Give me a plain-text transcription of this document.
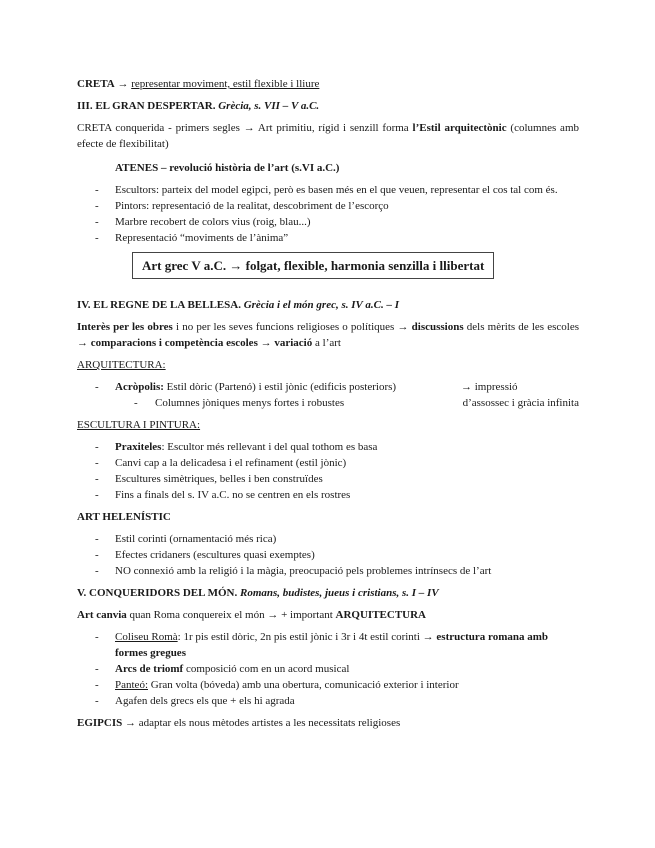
CRETA → representar moviment, estil flexible i lliure

III. EL GRAN DESPERTAR. Grècia, s. VII – V a.C.

CRETA conquerida - primers segles → Art primitiu, rígid i senzill forma l’Estil arquitectònic (columnes amb efecte de flexibilitat)

ATENES – revolució història de l’art (s.VI a.C.)

- Escultors: parteix del model egipci, però es basen més en el que veuen, representar el cos tal com és.
- Pintors: representació de la realitat, descobriment de l’escorço
- Marbre recobert de colors vius (roig, blau...)
- Representació “moviments de l’ànima”
Art grec V a.C. → folgat, flexible, harmonia senzilla i llibertat

IV. EL REGNE DE LA BELLESA. Grècia i el món grec, s. IV a.C. – I

Interès per les obres i no per les seves funcions religioses o polítiques → discussions dels mèrits de les escoles → comparacions i competència escoles → variació a l’art

ARQUITECTURA:

- Acròpolis: Estil dòric (Partenó) i estil jònic (edificis posteriors)	→ impressió
- Columnes jòniques menys fortes i robustes	d’assossec i gràcia infinita

ESCULTURA I PINTURA:

- Praxiteles: Escultor més rellevant i del qual tothom es basa
- Canvi cap a la delicadesa i el refinament (estil jònic)
- Escultures simètriques, belles i ben construïdes
- Fins a finals del s. IV a.C. no se centren en els rostres

ART HELENÍSTIC

- Estil corinti (ornamentació més rica)
- Efectes cridaners (escultures quasi exemptes)
- NO connexió amb la religió i la màgia, preocupació pels problemes intrínsecs de l’art

V. CONQUERIDORS DEL MÓN. Romans, budistes, jueus i cristians, s. I – IV

Art canvia quan Roma conquereix el món → + important ARQUITECTURA

- Coliseu Romà: 1r pis estil dòric, 2n pis estil jònic i 3r i 4t estil corinti → estructura romana amb formes gregues
- Arcs de triomf composició com en un acord musical
- Panteó: Gran volta (bóveda) amb una obertura, comunicació exterior i interior
- Agafen dels grecs els que + els hi agrada

EGIPCIS → adaptar els nous mètodes artistes a les necessitats religioses
